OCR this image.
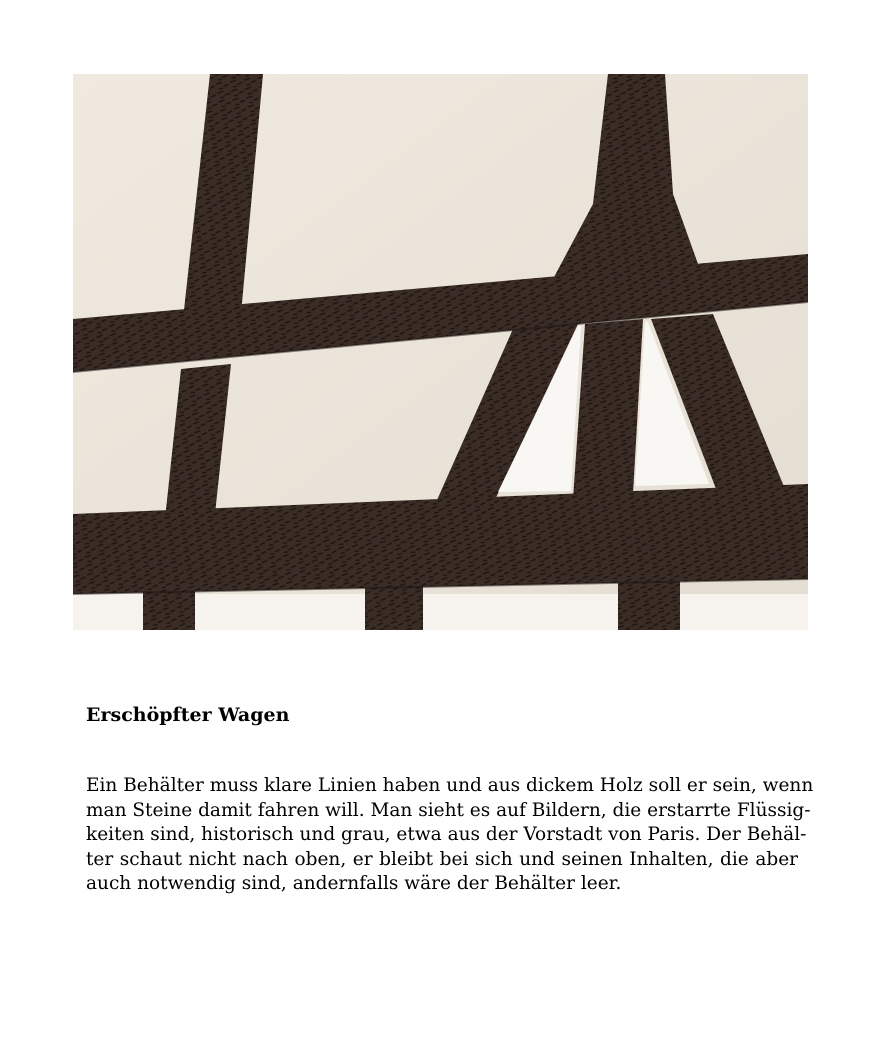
Erschöpfter Wagen

Ein Behälter muss klare Linien haben und aus dickem Holz soll er sein, wenn
man Steine damit fahren will. Man sieht es auf Bildern, die erstarrte Flüssig-
keiten sind, historisch und grau, etwa aus der Vorstadt von Paris. Der Behäl-
ter schaut nicht nach oben, er bleibt bei sich und seinen Inhalten, die aber
auch notwendig sind, andernfalls wäre der Behälter leer.
